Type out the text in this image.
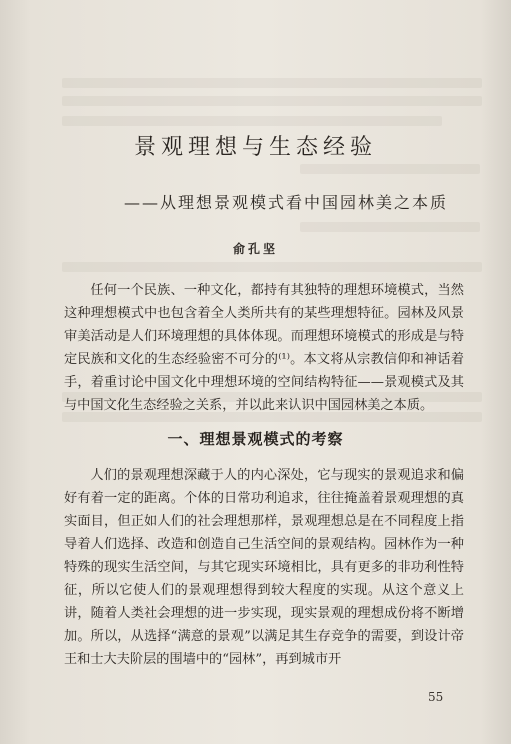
景观理想与生态经验
——从理想景观模式看中国园林美之本质
俞孔坚

任何一个民族、一种文化，都持有其独特的理想环境模式，当然这种理想模式中也包含着全人类所共有的某些理想特征。园林及风景审美活动是人们环境理想的具体体现。而理想环境模式的形成是与特定民族和文化的生态经验密不可分的⁽¹⁾。本文将从宗教信仰和神话着手，着重讨论中国文化中理想环境的空间结构特征——景观模式及其与中国文化生态经验之关系，并以此来认识中国园林美之本质。

一、理想景观模式的考察

人们的景观理想深藏于人的内心深处，它与现实的景观追求和偏好有着一定的距离。个体的日常功利追求，往往掩盖着景观理想的真实面目，但正如人们的社会理想那样，景观理想总是在不同程度上指导着人们选择、改造和创造自己生活空间的景观结构。园林作为一种特殊的现实生活空间，与其它现实环境相比，具有更多的非功利性特征，所以它使人们的景观理想得到较大程度的实现。从这个意义上讲，随着人类社会理想的进一步实现，现实景观的理想成份将不断增加。所以，从选择“满意的景观”以满足其生存竞争的需要，到设计帝王和士大夫阶层的围墙中的“园林”，再到城市开

55
